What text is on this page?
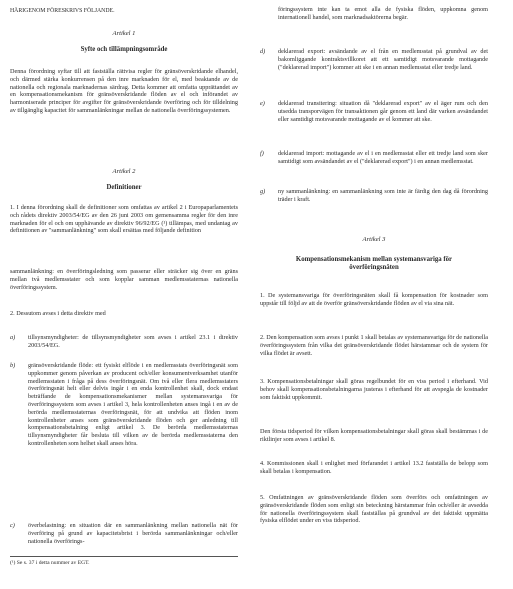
HÄRIGENOM FÖRESKRIVS FÖLJANDE.

Artikel 1

Syfte och tillämpningsområde

Denna förordning syftar till att fastställa rättvisa regler för gränsöverskridande elhandel, och därmed stärka konkurrensen på den inre marknaden för el, med beaktande av de nationella och regionala marknadernas särdrag. Detta kommer att omfatta upprättandet av en kompensationsmekanism för gränsöverskridande flöden av el och införandet av harmoniserade principer för avgifter för gränsöverskridande överföring och för tilldelning av tillgänglig kapacitet för sammanlänkningar mellan de nationella överföringssystemen.

Artikel 2

Definitioner

1. I denna förordning skall de definitioner som omfattas av artikel 2 i Europaparlamentets och rådets direktiv 2003/54/EG av den 26 juni 2003 om gemensamma regler för den inre marknaden för el och om upphävande av direktiv 96/92/EG (¹) tillämpas, med undantag av definitionen av "sammanlänkning" som skall ersättas med följande definition

sammanlänkning: en överföringsledning som passerar eller sträcker sig över en gräns mellan två medlemsstater och som kopplar samman medlemsstaternas nationella överföringssystem.

2. Dessutom avses i detta direktiv med

a)	tillsynsmyndigheter: de tillsynsmyndigheter som avses i artikel 23.1 i direktiv 2003/54/EG.
b)	gränsöverskridande flöde: ett fysiskt elflöde i en medlemsstats överföringsnät som uppkommer genom påverkan av producent och/eller konsumentverksamhet utanför medlemsstaten i fråga på dess överföringsnät. Om två eller flera medlemsstaters överföringsnät helt eller delvis ingår i en enda kontrollenhet skall, dock endast beträffande de kompensationsmekanismer mellan systemansvariga för överföringssystem som avses i artikel 3, hela kontrollenheten anses ingå i en av de berörda medlemsstaternas överföringsnät, för att undvika att flöden inom kontrollenheter anses som gränsöverskridande flöden och ger anledning till kompensationsbetalning enligt artikel 3. De berörda medlemsstaternas tillsynsmyndigheter får besluta till vilken av de berörda medlemsstaterna den kontrollenheten som helhet skall anses höra.
c)	överbelastning: en situation där en sammanlänkning mellan nationella nät för överföring på grund av kapacitetsbrist i berörda sammanlänkningar och/eller nationella överförings-

(¹) Se s. 37 i detta nummer av EGT.

föringssystem inte kan ta emot alla de fysiska flöden, uppkomna genom internationell handel, som marknadsaktörerna begär.

d)	deklarerad export: avsändande av el från en medlemsstat på grundval av det bakomliggande kontraktsvillkoret att ett samtidigt motsvarande mottagande ("deklarerad import") kommer att ske i en annan medlemsstat eller tredje land.
e)	deklarerad transitering: situation då "deklarerad export" av el äger rum och den utsedda transporvägen för transaktionen går genom ett land där varken avsändandet eller samtidigt motsvarande mottagande av el kommer att ske.
f)	deklarerad import: mottagande av el i en medlemsstat eller ett tredje land som sker samtidigt som avsändandet av el ("deklarerad export") i en annan medlemsstat.
g)	ny sammanlänkning: en sammanlänkning som inte är färdig den dag då förordning träder i kraft.

Artikel 3

Kompensationsmekanism mellan systemansvariga för överföringsnäten

1. De systemansvariga för överföringsnäten skall få kompensation för kostnader som uppstår till följd av att de överför gränsöverskridande flöden av el via sina nät.

2. Den kompensation som avses i punkt 1 skall betalas av systemansvariga för de nationella överföringssystem från vilka det gränsöverskridande flödet härstammar och de system för vilka flödet är avsett.

3. Kompensationsbetalningar skall göras regelbundet för en viss period i efterhand. Vid behov skall kompensationsbetalningarna justeras i efterhand för att avspegla de kostnader som faktiskt uppkommit.

Den första tidsperiod för vilken kompensationsbetalningar skall göras skall bestämmas i de riktlinjer som avses i artikel 8.

4. Kommissionen skall i enlighet med förfarandet i artikel 13.2 fastställa de belopp som skall betalas i kompensation.

5. Omfattningen av gränsöverskridande flöden som överförs och omfattningen av gränsöverskridande flöden som enligt sin beteckning härstammar från och/eller är avsedda för nationella överföringssystem skall fastställas på grundval av det faktiskt uppmätta fysiska elflödet under en viss tidsperiod.
